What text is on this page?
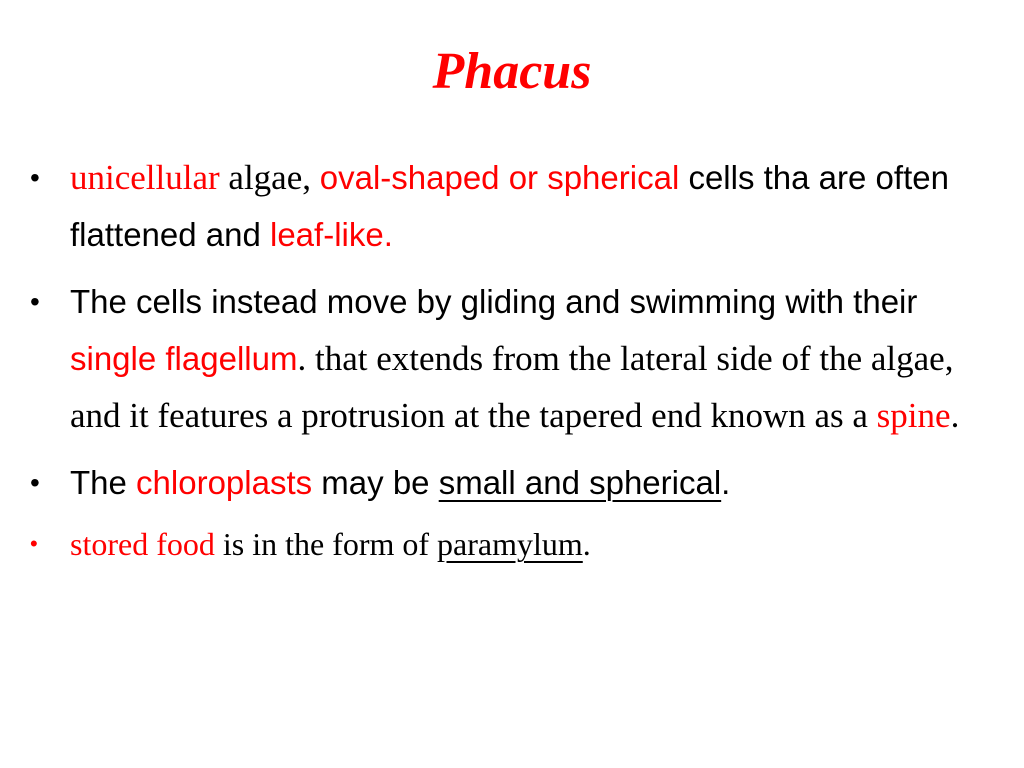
Phacus
• unicellular algae, oval-shaped or spherical cells tha are often flattened and leaf-like.
• The cells instead move by gliding and swimming with their single flagellum. that extends from the lateral side of the algae, and it features a protrusion at the tapered end known as a spine.
• The chloroplasts may be small and spherical.
• stored food is in the form of paramylum.
